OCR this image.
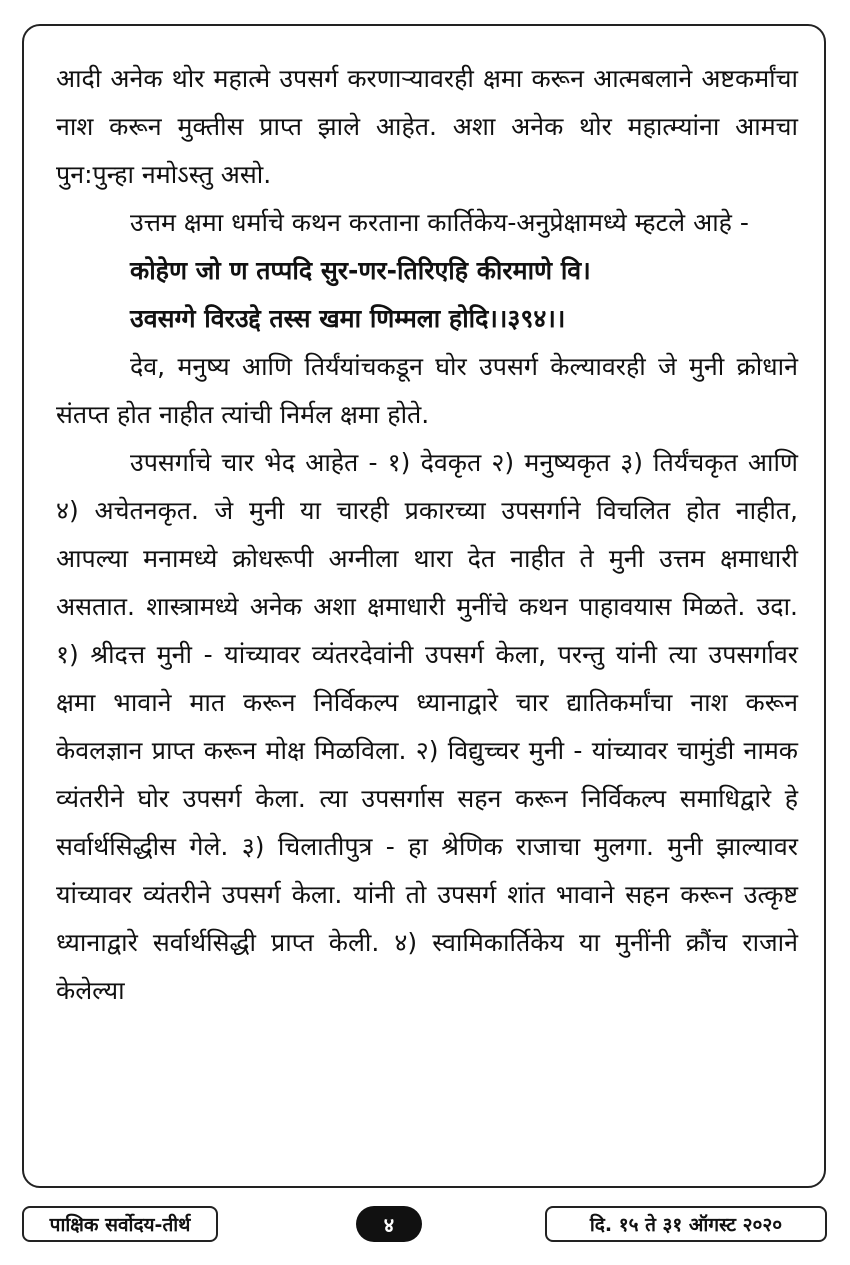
आदी अनेक थोर महात्मे उपसर्ग करणाऱ्यावरही क्षमा करून आत्मबलाने अष्टकर्मांचा नाश करून मुक्तीस प्राप्त झाले आहेत. अशा अनेक थोर महात्म्यांना आमचा पुन:पुन्हा नमोऽस्तु असो.

उत्तम क्षमा धर्माचे कथन करताना कार्तिकेय-अनुप्रेक्षामध्ये म्हटले आहे -

कोहेण जो ण तप्पदि सुर-णर-तिरिएहि कीरमाणे वि।

उवसग्गे विरउद्दे तस्स खमा णिम्मला होदि।।३९४।।

देव, मनुष्य आणि तिर्यंयांचकडून घोर उपसर्ग केल्यावरही जे मुनी क्रोधाने संतप्त होत नाहीत त्यांची निर्मल क्षमा होते.

उपसर्गाचे चार भेद आहेत - १) देवकृत २) मनुष्यकृत ३) तिर्यंचकृत आणि ४) अचेतनकृत. जे मुनी या चारही प्रकारच्या उपसर्गाने विचलित होत नाहीत, आपल्या मनामध्ये क्रोधरूपी अग्नीला थारा देत नाहीत ते मुनी उत्तम क्षमाधारी असतात. शास्त्रामध्ये अनेक अशा क्षमाधारी मुनींचे कथन पाहावयास मिळते. उदा. १) श्रीदत्त मुनी - यांच्यावर व्यंतरदेवांनी उपसर्ग केला, परन्तु यांनी त्या उपसर्गावर क्षमा भावाने मात करून निर्विकल्प ध्यानाद्वारे चार द्यातिकर्मांचा नाश करून केवलज्ञान प्राप्त करून मोक्ष मिळविला. २) विद्युच्चर मुनी - यांच्यावर चामुंडी नामक व्यंतरीने घोर उपसर्ग केला. त्या उपसर्गास सहन करून निर्विकल्प समाधिद्वारे हे सर्वार्थसिद्धीस गेले. ३) चिलातीपुत्र - हा श्रेणिक राजाचा मुलगा. मुनी झाल्यावर यांच्यावर व्यंतरीने उपसर्ग केला. यांनी तो उपसर्ग शांत भावाने सहन करून उत्कृष्ट ध्यानाद्वारे सर्वार्थसिद्धी प्राप्त केली. ४) स्वामिकार्तिकेय या मुनींनी क्रौंच राजाने केलेल्या

पाक्षिक सर्वोदय-तीर्थ	४	दि. १५ ते ३१ ऑगस्ट २०२०
